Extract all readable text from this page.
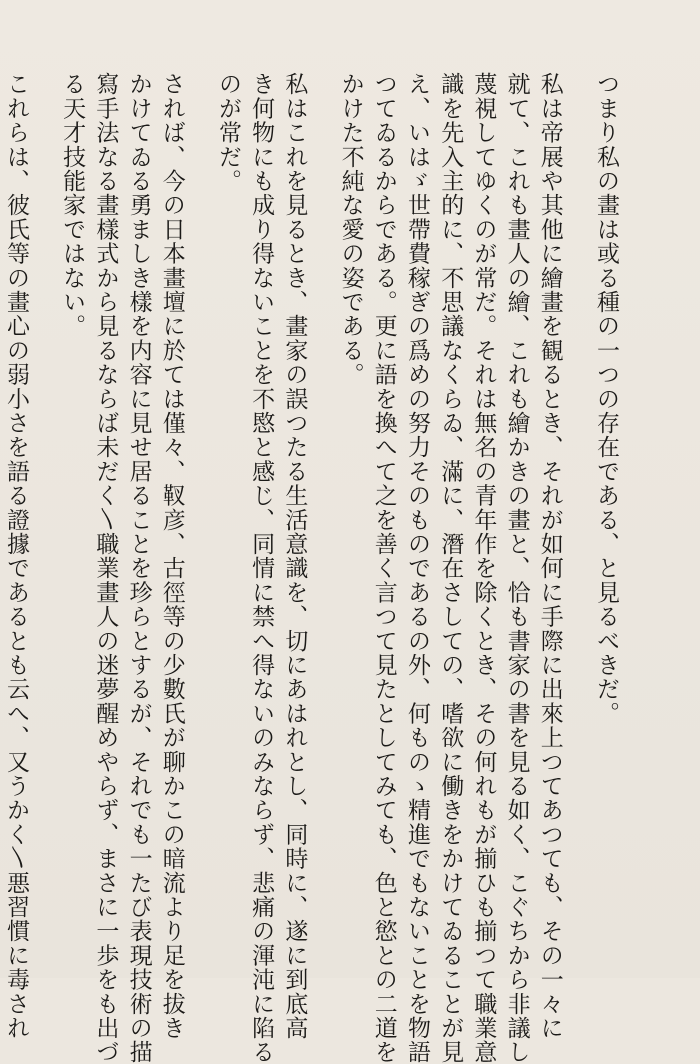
つまり私の畫は或る種の一つの存在である、と見るべきだ。
私は帝展や其他に繪畫を観るとき、それが如何に手際に出來上つてあつても、その一々に
就て、これも畫人の繪、これも繪かきの畫と、恰も書家の書を見る如く、こぐちから非議し
蔑視してゆくのが常だ。それは無名の青年作を除くとき、その何れもが揃ひも揃つて職業意
識を先入主的に、不思議なくらゐ、滿に、潛在さしての、嗜欲に働きをかけてゐることが見
え、いはゞ世帶費稼ぎの爲めの努力そのものであるの外、何ものゝ精進でもないことを物語
つてゐるからである。更に語を換へて之を善く言つて見たとしてみても、色と慾との二道を
かけた不純な愛の姿である。
私はこれを見るとき、畫家の誤つたる生活意識を、切にあはれとし、同時に、遂に到底高
き何物にも成り得ないことを不愍と感じ、同情に禁へ得ないのみならず、悲痛の渾沌に陷る
のが常だ。
されば、今の日本畫壇に於ては僅々、靫彦、古徑等の少數氏が聊かこの暗流より足を拔き
かけてゐる勇ましき樣を内容に見せ居ることを珍らとするが、それでも一たび表現技術の描
寫手法なる畫樣式から見るならば未だく〵職業畫人の迷夢醒めやらず、まさに一歩をも出づ
る天才技能家ではない。
これらは、彼氏等の畫心の弱小さを語る證據であるとも云へ、又うかく〵悪習慣に毒され
